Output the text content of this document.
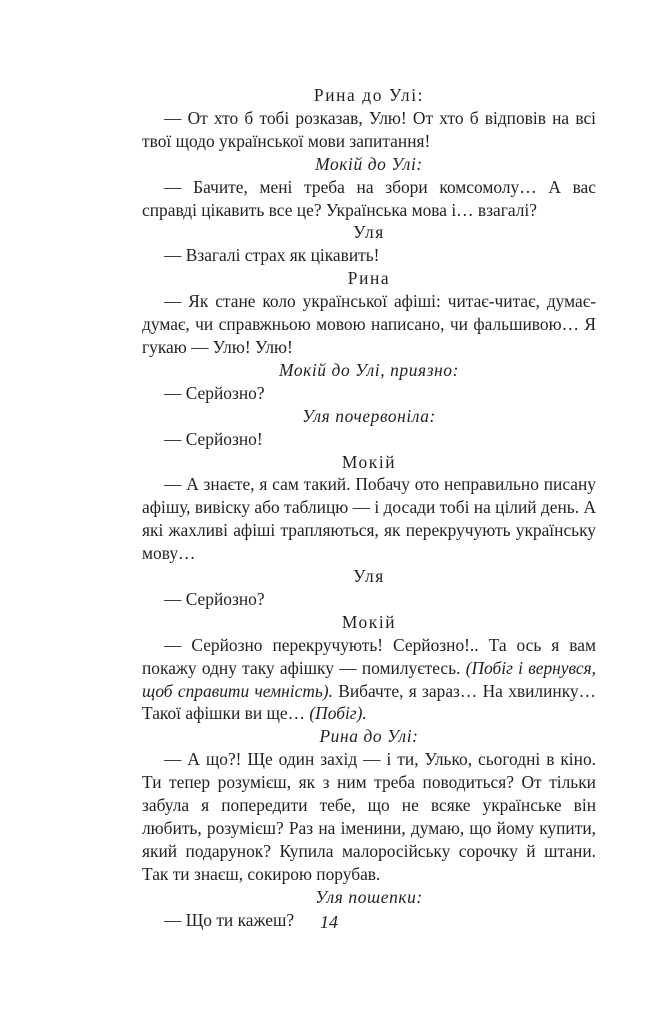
Рина до Улі:
— От хто б тобі розказав, Улю! От хто б відповів на всі твої щодо української мови запитання!
Мокій до Улі:
— Бачите, мені треба на збори комсомолу… А вас справді цікавить все це? Українська мова і… взагалі?
Уля
— Взагалі страх як цікавить!
Рина
— Як стане коло української афіші: читає-читає, думає-думає, чи справжньою мовою написано, чи фальшивою… Я гукаю — Улю! Улю!
Мокій до Улі, приязно:
— Серйозно?
Уля почервоніла:
— Серйозно!
Мокій
— А знаєте, я сам такий. Побачу ото неправильно писану афішу, вивіску або таблицю — і досади тобі на цілий день. А які жахливі афіші трапляються, як перекручують українську мову…
Уля
— Серйозно?
Мокій
— Серйозно перекручують! Серйозно!.. Та ось я вам покажу одну таку афішку — помилуєтесь. (Побіг і вернувся, щоб справити чемність). Вибачте, я зараз… На хвилинку… Такої афішки ви ще… (Побіг).
Рина до Улі:
— А що?! Ще один захід — і ти, Улько, сьогодні в кіно. Ти тепер розумієш, як з ним треба поводиться? От тільки забула я попередити тебе, що не всяке українське він любить, розумієш? Раз на іменини, думаю, що йому купити, який подарунок? Купила малоросійську сорочку й штани. Так ти знаєш, сокирою порубав.
Уля пошепки:
— Що ти кажеш?	14
